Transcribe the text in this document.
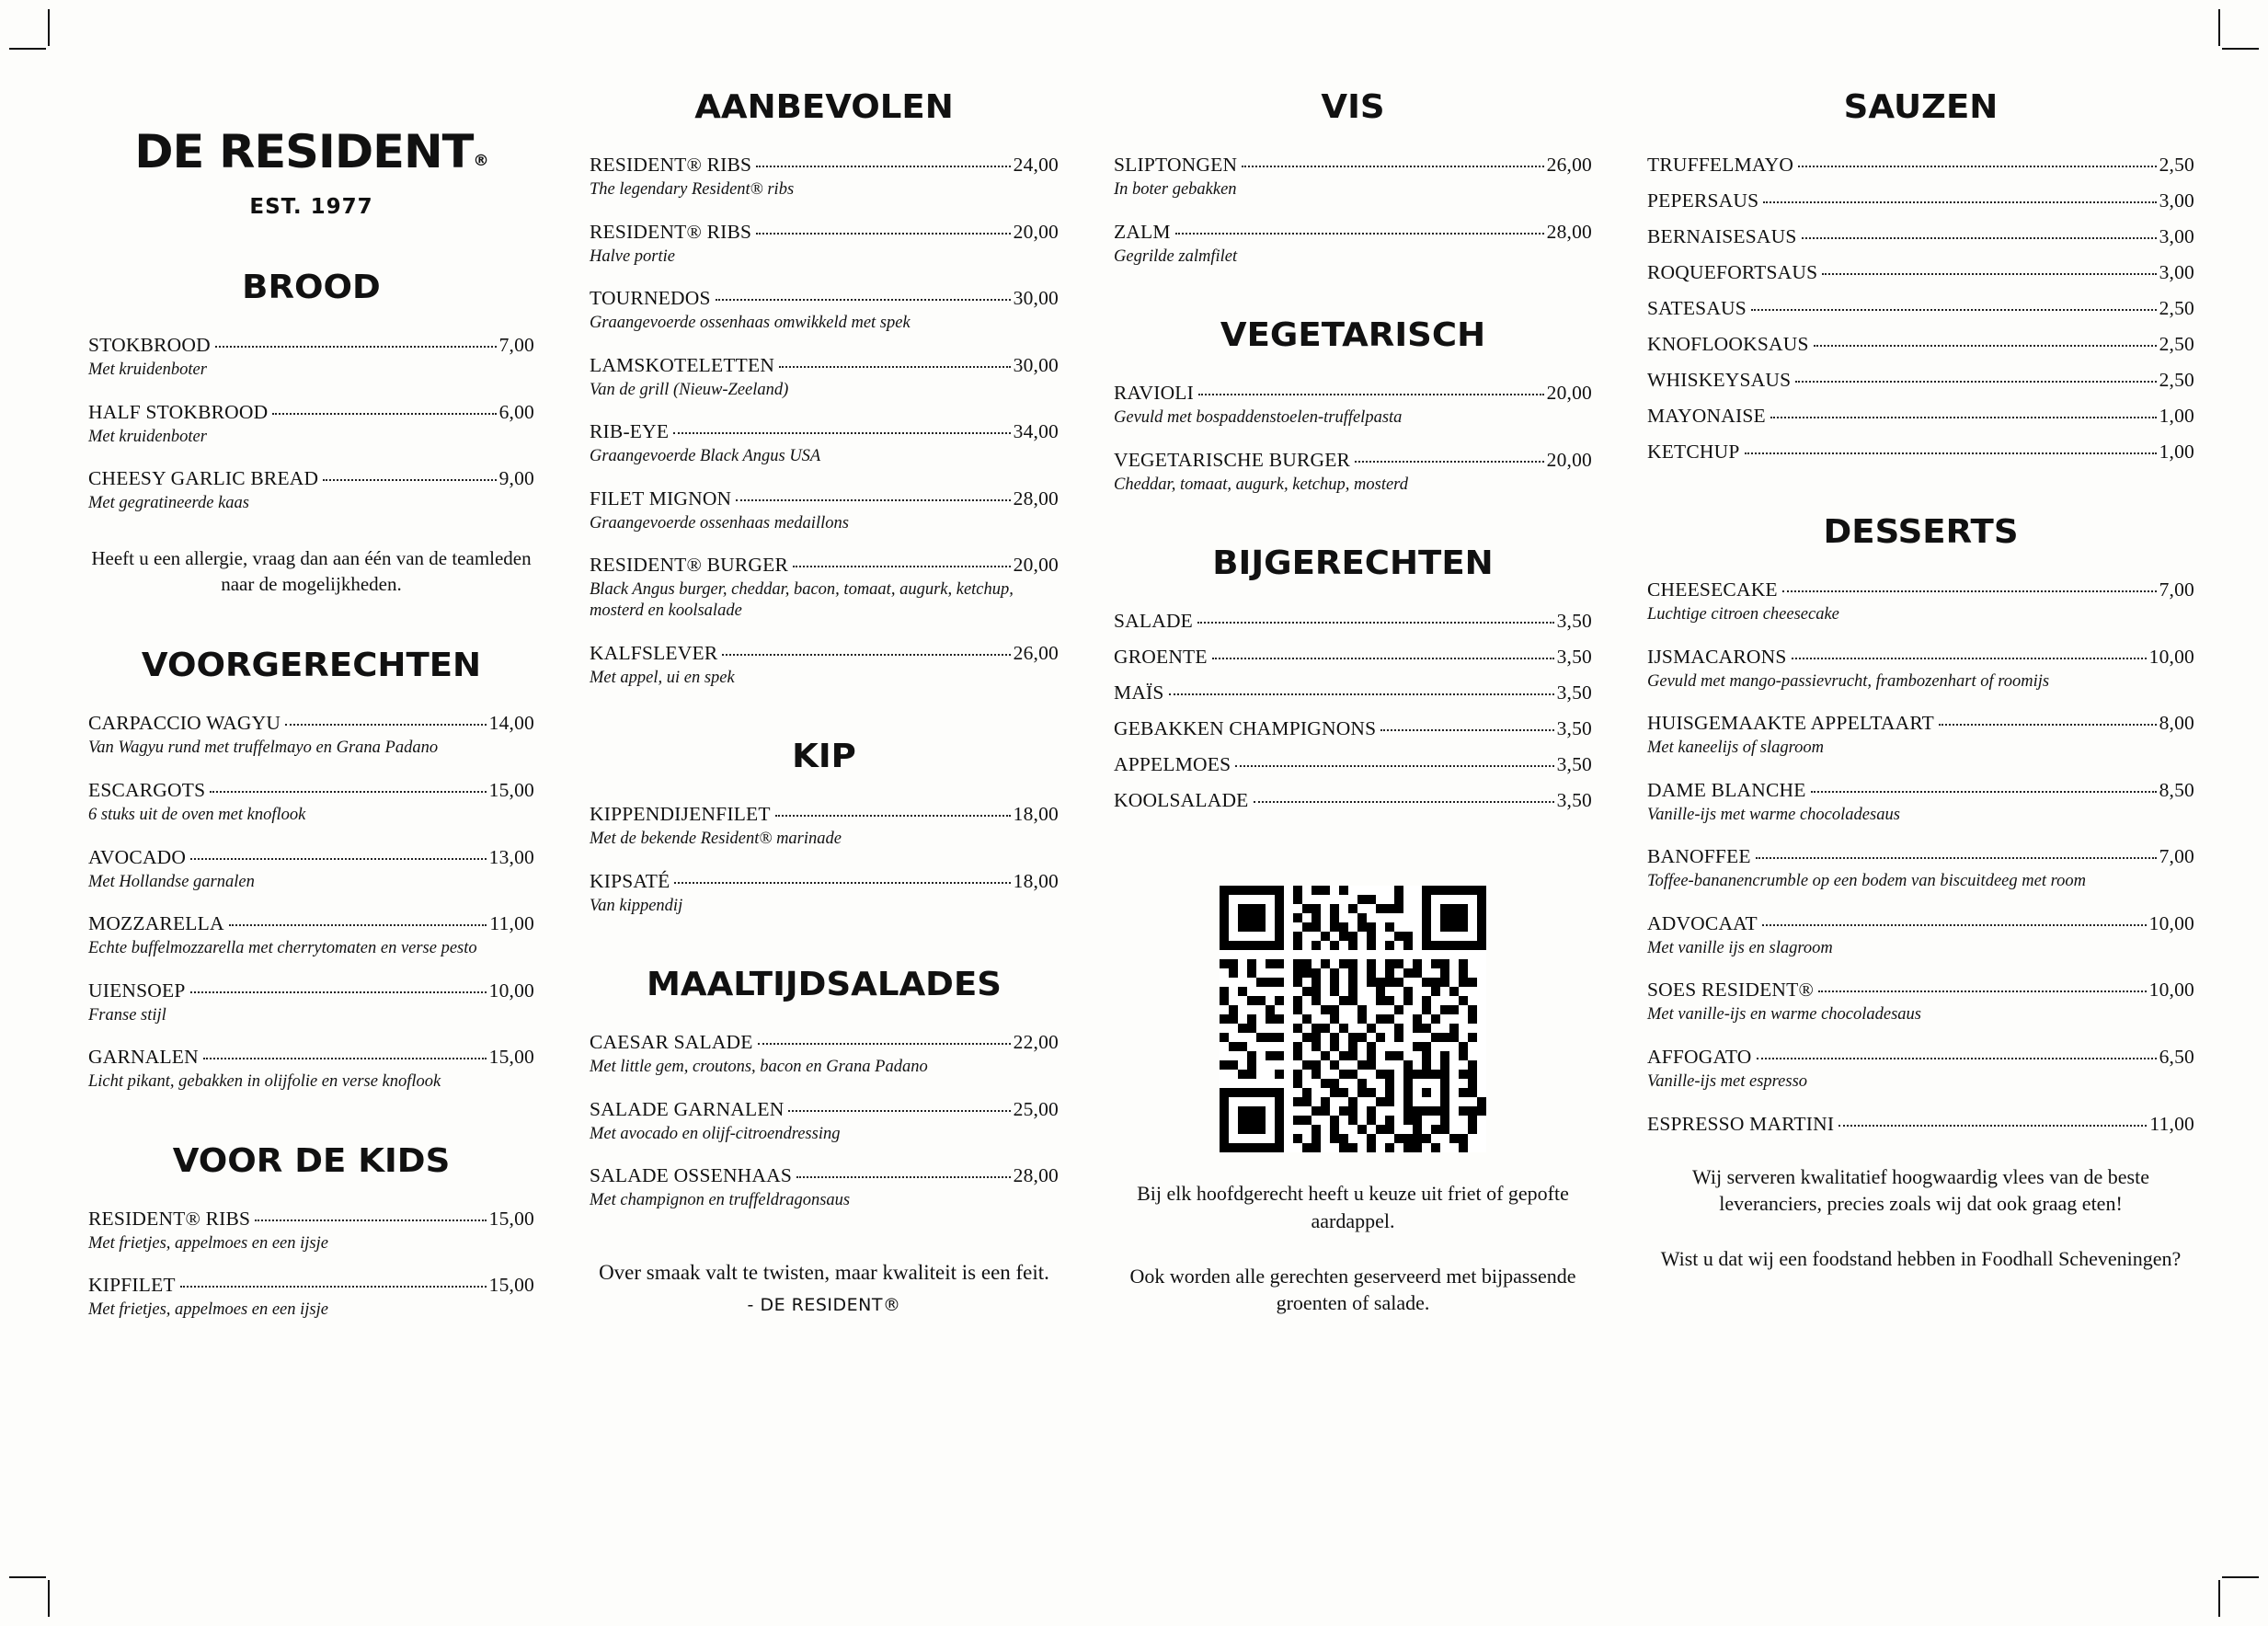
DE RESIDENT®
EST. 1977
BROOD
STOKBROOD	7,00
Met kruidenboter
HALF STOKBROOD	6,00
Met kruidenboter
CHEESY GARLIC BREAD	9,00
Met gegratineerde kaas
Heeft u een allergie, vraag dan aan één van de teamleden naar de mogelijkheden.
VOORGERECHTEN
CARPACCIO WAGYU	14,00
Van Wagyu rund met truffelmayo en Grana Padano
ESCARGOTS	15,00
6 stuks uit de oven met knoflook
AVOCADO	13,00
Met Hollandse garnalen
MOZZARELLA	11,00
Echte buffelmozzarella met cherrytomaten en verse pesto
UIENSOEP	10,00
Franse stijl
GARNALEN	15,00
Licht pikant, gebakken in olijfolie en verse knoflook
VOOR DE KIDS
RESIDENT® RIBS	15,00
Met frietjes, appelmoes en een ijsje
KIPFILET	15,00
Met frietjes, appelmoes en een ijsje
AANBEVOLEN
RESIDENT® RIBS	24,00
The legendary Resident® ribs
RESIDENT® RIBS	20,00
Halve portie
TOURNEDOS	30,00
Graangevoerde ossenhaas omwikkeld met spek
LAMSKOTELETTEN	30,00
Van de grill (Nieuw-Zeeland)
RIB-EYE	34,00
Graangevoerde Black Angus USA
FILET MIGNON	28,00
Graangevoerde ossenhaas medaillons
RESIDENT® BURGER	20,00
Black Angus burger, cheddar, bacon, tomaat, augurk, ketchup, mosterd en koolsalade
KALFSLEVER	26,00
Met appel, ui en spek
KIP
KIPPENDIJENFILET	18,00
Met de bekende Resident® marinade
KIPSATÉ	18,00
Van kippendij
MAALTIJDSALADES
CAESAR SALADE	22,00
Met little gem, croutons, bacon en Grana Padano
SALADE GARNALEN	25,00
Met avocado en olijf-citroendressing
SALADE OSSENHAAS	28,00
Met champignon en truffeldragonsaus
Over smaak valt te twisten, maar kwaliteit is een feit.
- DE RESIDENT®
VIS
SLIPTONGEN	26,00
In boter gebakken
ZALM	28,00
Gegrilde zalmfilet
VEGETARISCH
RAVIOLI	20,00
Gevuld met bospaddenstoelen-truffelpasta
VEGETARISCHE BURGER	20,00
Cheddar, tomaat, augurk, ketchup, mosterd
BIJGERECHTEN
SALADE	3,50
GROENTE	3,50
MAÏS	3,50
GEBAKKEN CHAMPIGNONS	3,50
APPELMOES	3,50
KOOLSALADE	3,50
Bij elk hoofdgerecht heeft u keuze uit friet of gepofte aardappel.
Ook worden alle gerechten geserveerd met bijpassende groenten of salade.
SAUZEN
TRUFFELMAYO	2,50
PEPERSAUS	3,00
BERNAISESAUS	3,00
ROQUEFORTSAUS	3,00
SATESAUS	2,50
KNOFLOOKSAUS	2,50
WHISKEYSAUS	2,50
MAYONAISE	1,00
KETCHUP	1,00
DESSERTS
CHEESECAKE	7,00
Luchtige citroen cheesecake
IJSMACARONS	10,00
Gevuld met mango-passievrucht, frambozenhart of roomijs
HUISGEMAAKTE APPELTAART	8,00
Met kaneelijs of slagroom
DAME BLANCHE	8,50
Vanille-ijs met warme chocoladesaus
BANOFFEE	7,00
Toffee-bananencrumble op een bodem van biscuitdeeg met room
ADVOCAAT	10,00
Met vanille ijs en slagroom
SOES RESIDENT®	10,00
Met vanille-ijs en warme chocoladesaus
AFFOGATO	6,50
Vanille-ijs met espresso
ESPRESSO MARTINI	11,00
Wij serveren kwalitatief hoogwaardig vlees van de beste leveranciers, precies zoals wij dat ook graag eten!
Wist u dat wij een foodstand hebben in Foodhall Scheveningen?
